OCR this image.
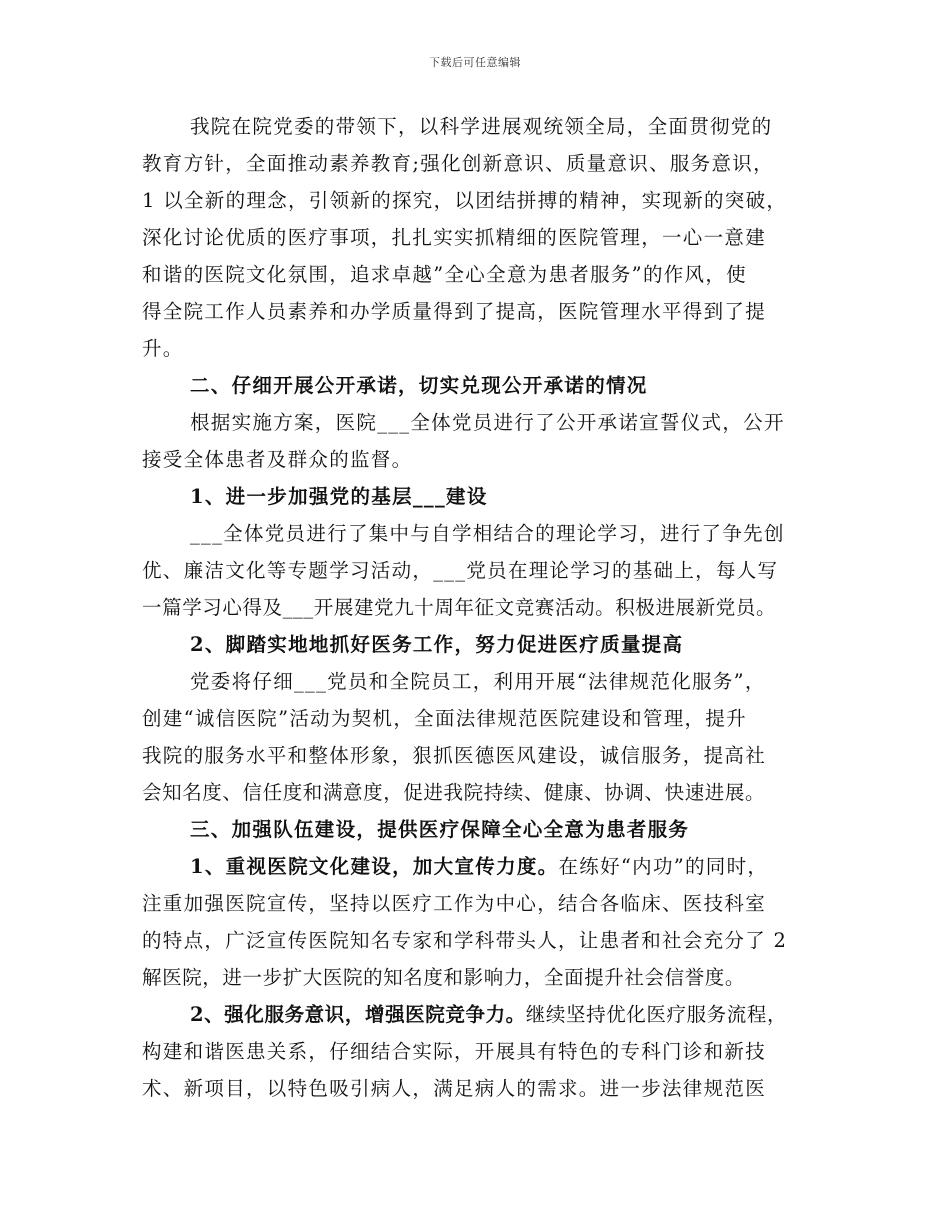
下载后可任意编辑
我院在院党委的带领下，以科学进展观统领全局，全面贯彻党的
教育方针，全面推动素养教育;强化创新意识、质量意识、服务意识，
1 以全新的理念，引领新的探究，以团结拼搏的精神，实现新的突破，
深化讨论优质的医疗事项，扎扎实实抓精细的医院管理，一心一意建
和谐的医院文化氛围，追求卓越”全心全意为患者服务”的作风，使
得全院工作人员素养和办学质量得到了提高，医院管理水平得到了提
升。
二、仔细开展公开承诺，切实兑现公开承诺的情况
根据实施方案，医院___全体党员进行了公开承诺宣誓仪式，公开
接受全体患者及群众的监督。
1、进一步加强党的基层___建设
___全体党员进行了集中与自学相结合的理论学习，进行了争先创
优、廉洁文化等专题学习活动，___党员在理论学习的基础上，每人写
一篇学习心得及___开展建党九十周年征文竞赛活动。积极进展新党员。
2、脚踏实地地抓好医务工作，努力促进医疗质量提高
党委将仔细___党员和全院员工，利用开展“法律规范化服务”，
创建“诚信医院”活动为契机，全面法律规范医院建设和管理，提升
我院的服务水平和整体形象，狠抓医德医风建设，诚信服务，提高社
会知名度、信任度和满意度，促进我院持续、健康、协调、快速进展。
三、加强队伍建设，提供医疗保障全心全意为患者服务
1、重视医院文化建设，加大宣传力度。在练好“内功”的同时，
注重加强医院宣传，坚持以医疗工作为中心，结合各临床、医技科室
的特点，广泛宣传医院知名专家和学科带头人，让患者和社会充分了 2
解医院，进一步扩大医院的知名度和影响力，全面提升社会信誉度。
2、强化服务意识，增强医院竞争力。继续坚持优化医疗服务流程，
构建和谐医患关系，仔细结合实际，开展具有特色的专科门诊和新技
术、新项目，以特色吸引病人，满足病人的需求。进一步法律规范医
